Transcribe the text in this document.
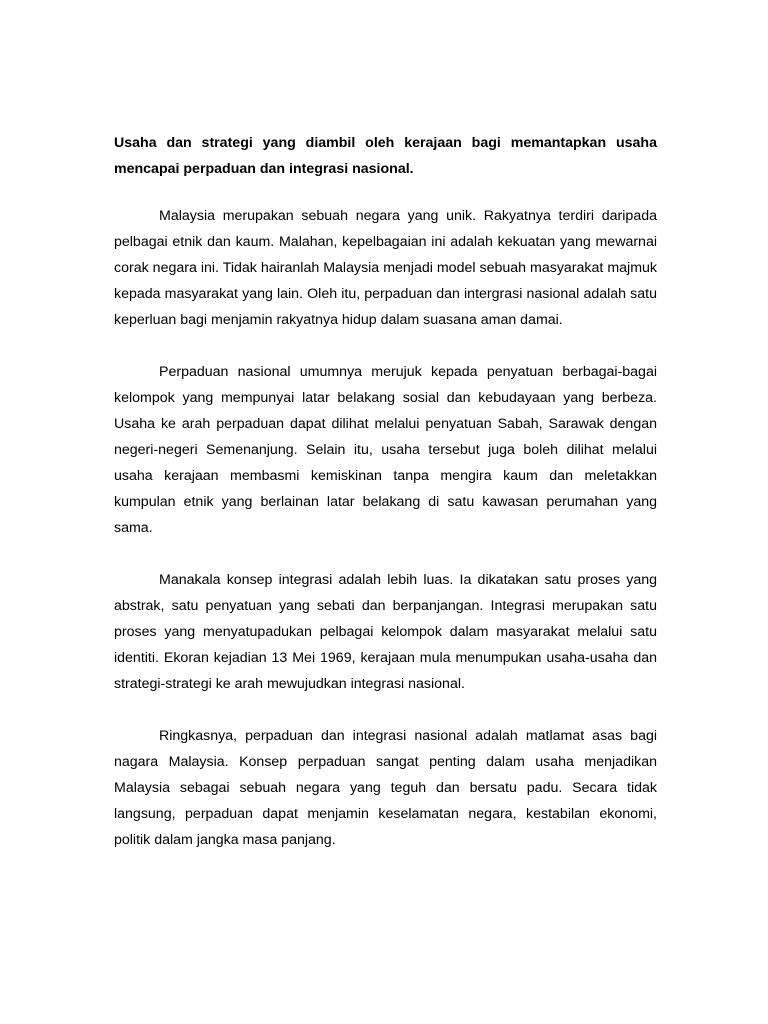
Usaha dan strategi yang diambil oleh kerajaan bagi memantapkan usaha mencapai perpaduan dan integrasi nasional.

Malaysia merupakan sebuah negara yang unik. Rakyatnya terdiri daripada pelbagai etnik dan kaum. Malahan, kepelbagaian ini adalah kekuatan yang mewarnai corak negara ini. Tidak hairanlah Malaysia menjadi model sebuah masyarakat majmuk kepada masyarakat yang lain. Oleh itu, perpaduan dan intergrasi nasional adalah satu keperluan bagi menjamin rakyatnya hidup dalam suasana aman damai.

Perpaduan nasional umumnya merujuk kepada penyatuan berbagai-bagai kelompok yang mempunyai latar belakang sosial dan kebudayaan yang berbeza. Usaha ke arah perpaduan dapat dilihat melalui penyatuan Sabah, Sarawak dengan negeri-negeri Semenanjung. Selain itu, usaha tersebut juga boleh dilihat melalui usaha kerajaan membasmi kemiskinan tanpa mengira kaum dan meletakkan kumpulan etnik yang berlainan latar belakang di satu kawasan perumahan yang sama.

Manakala konsep integrasi adalah lebih luas. Ia dikatakan satu proses yang abstrak, satu penyatuan yang sebati dan berpanjangan. Integrasi merupakan satu proses yang menyatupadukan pelbagai kelompok dalam masyarakat melalui satu identiti. Ekoran kejadian 13 Mei 1969, kerajaan mula menumpukan usaha-usaha dan strategi-strategi ke arah mewujudkan integrasi nasional.

Ringkasnya, perpaduan dan integrasi nasional adalah matlamat asas bagi nagara Malaysia. Konsep perpaduan sangat penting dalam usaha menjadikan Malaysia sebagai sebuah negara yang teguh dan bersatu padu. Secara tidak langsung, perpaduan dapat menjamin keselamatan negara, kestabilan ekonomi, politik dalam jangka masa panjang.
